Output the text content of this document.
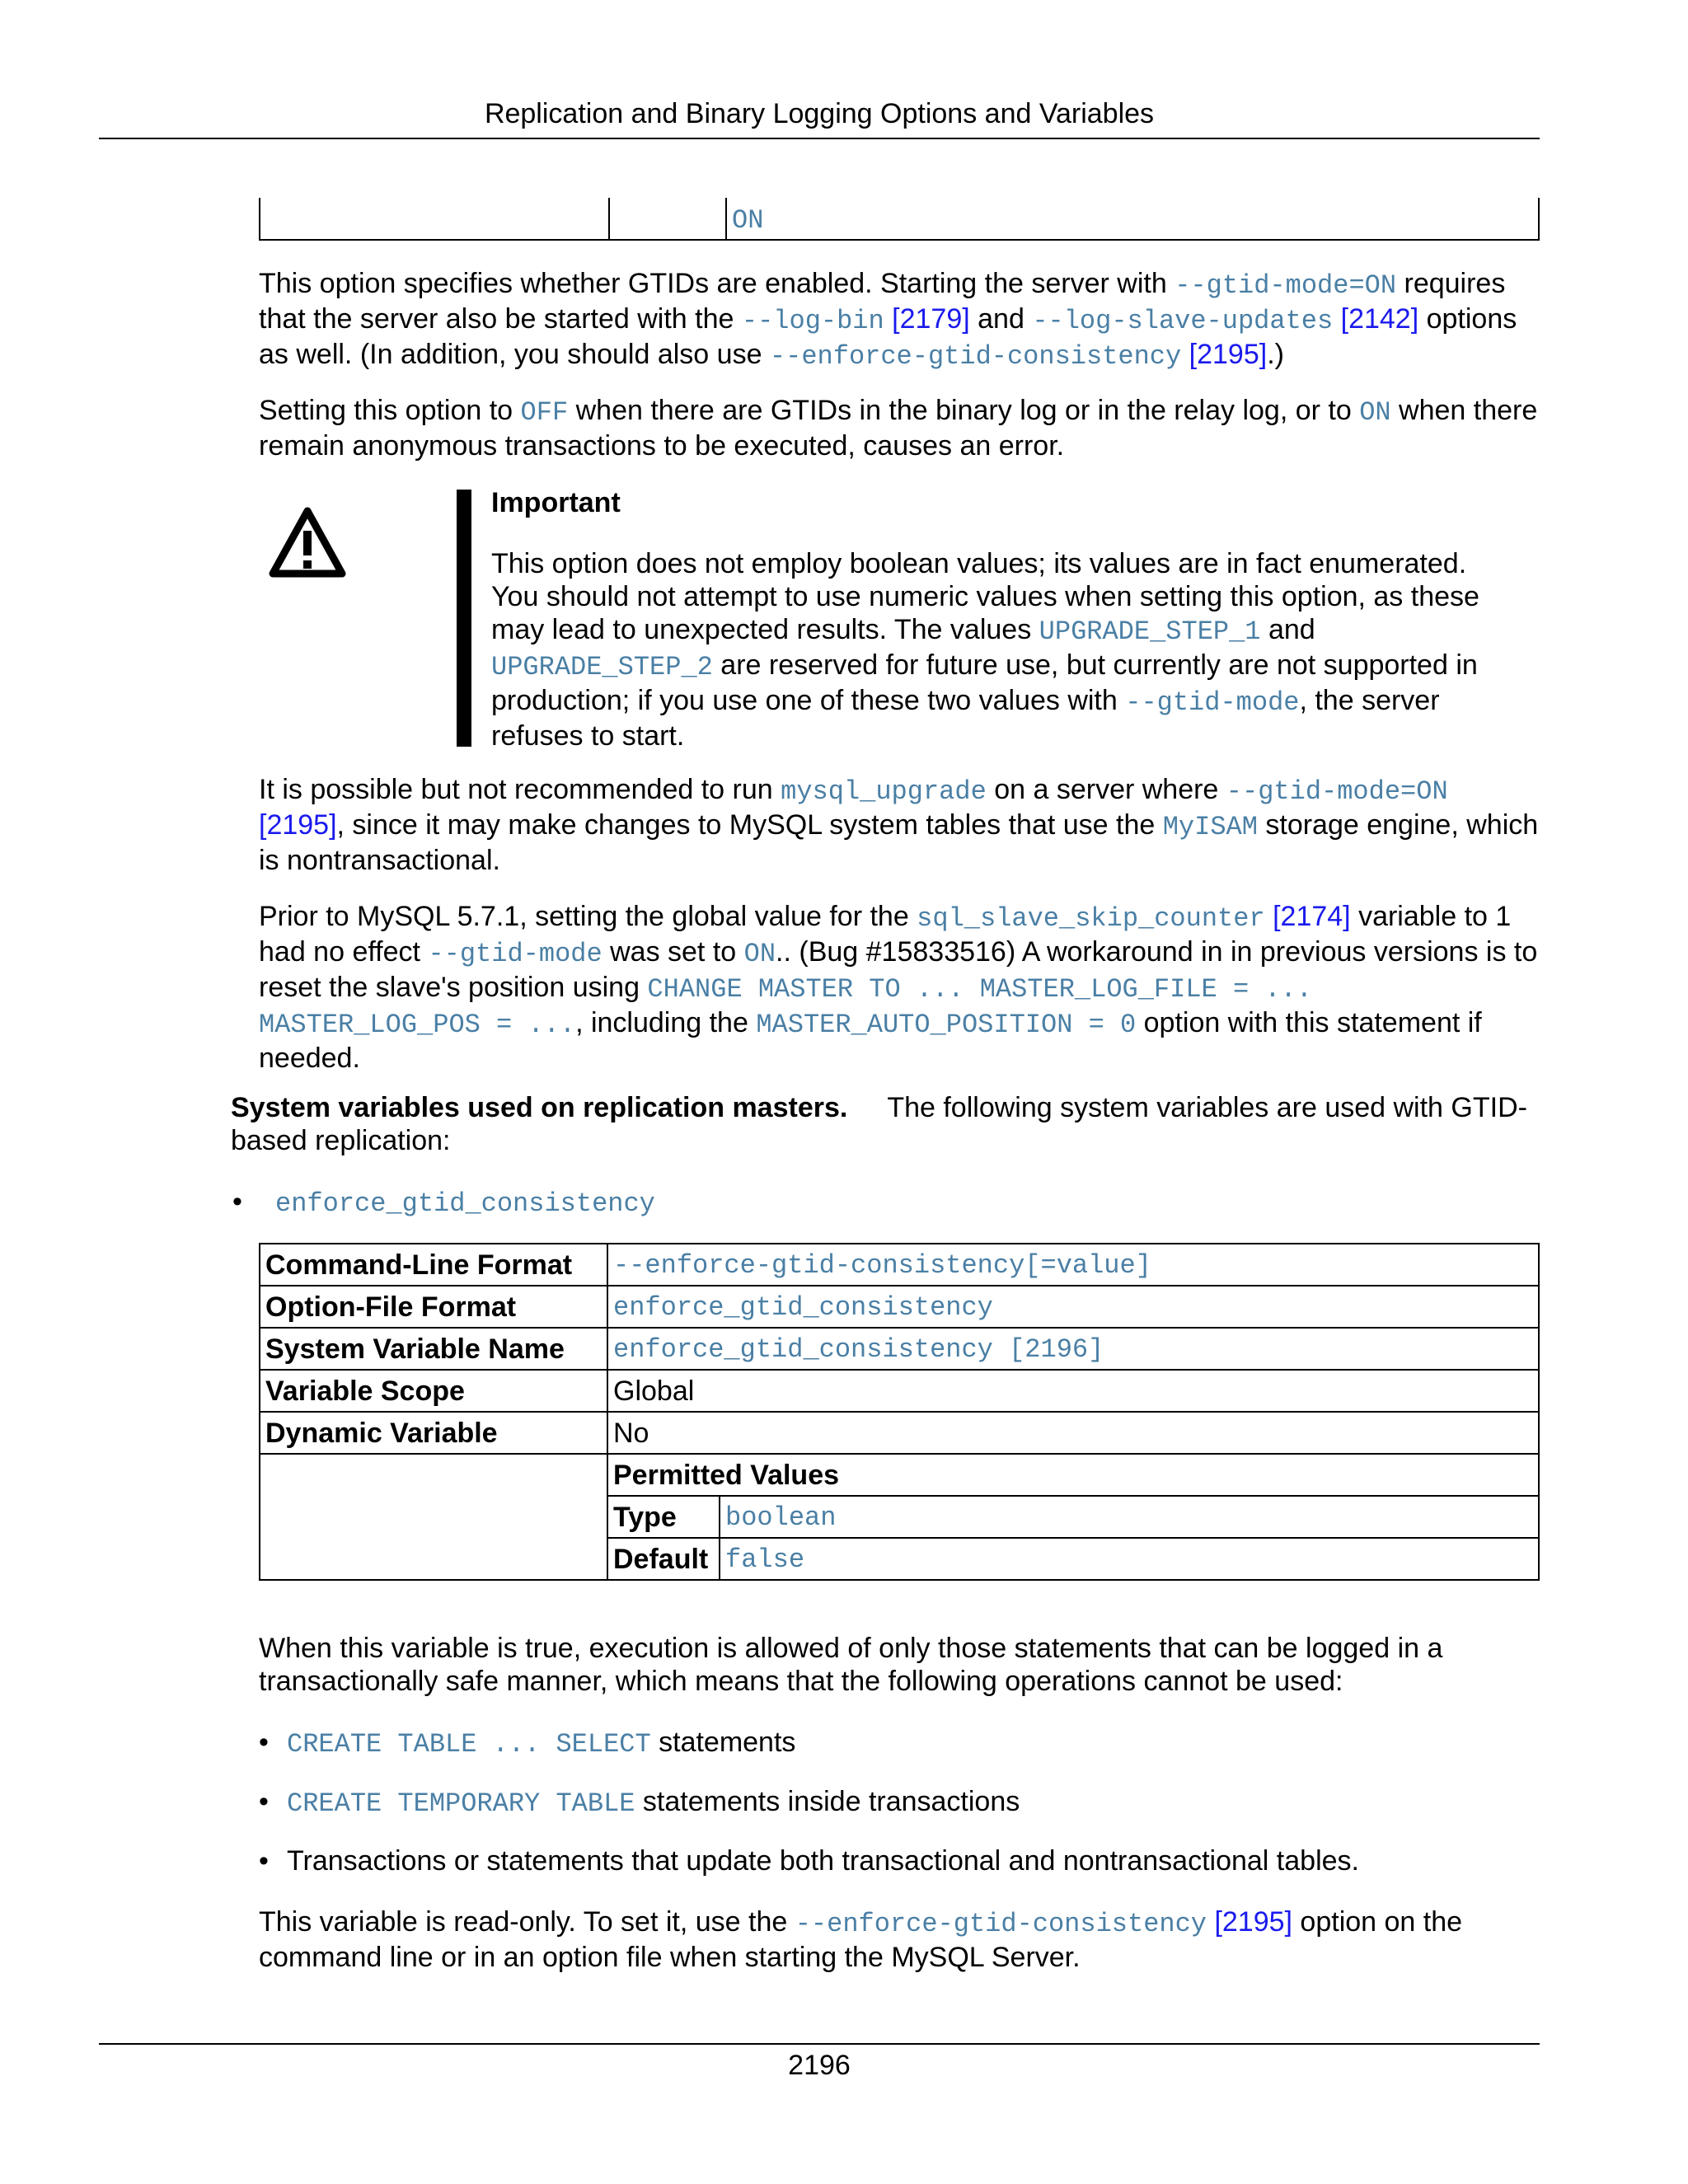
Replication and Binary Logging Options and Variables
ON
This option specifies whether GTIDs are enabled. Starting the server with --gtid-mode=ON requires that the server also be started with the --log-bin [2179] and --log-slave-updates [2142] options as well. (In addition, you should also use --enforce-gtid-consistency [2195].)
Setting this option to OFF when there are GTIDs in the binary log or in the relay log, or to ON when there remain anonymous transactions to be executed, causes an error.
Important
This option does not employ boolean values; its values are in fact enumerated. You should not attempt to use numeric values when setting this option, as these may lead to unexpected results. The values UPGRADE_STEP_1 and UPGRADE_STEP_2 are reserved for future use, but currently are not supported in production; if you use one of these two values with --gtid-mode, the server refuses to start.
It is possible but not recommended to run mysql_upgrade on a server where --gtid-mode=ON [2195], since it may make changes to MySQL system tables that use the MyISAM storage engine, which is nontransactional.
Prior to MySQL 5.7.1, setting the global value for the sql_slave_skip_counter [2174] variable to 1 had no effect --gtid-mode was set to ON.. (Bug #15833516) A workaround in in previous versions is to reset the slave's position using CHANGE MASTER TO ... MASTER_LOG_FILE = ... MASTER_LOG_POS = ..., including the MASTER_AUTO_POSITION = 0 option with this statement if needed.
System variables used on replication masters. The following system variables are used with GTID-based replication:
• enforce_gtid_consistency
Command-Line Format	--enforce-gtid-consistency[=value]	
Option-File Format	enforce_gtid_consistency	
System Variable Name	enforce_gtid_consistency [2196]	
Variable Scope	Global	
Dynamic Variable	No	
	Permitted Values	
	Type	boolean
	Default	false
When this variable is true, execution is allowed of only those statements that can be logged in a transactionally safe manner, which means that the following operations cannot be used:
• CREATE TABLE ... SELECT statements
• CREATE TEMPORARY TABLE statements inside transactions
• Transactions or statements that update both transactional and nontransactional tables.
This variable is read-only. To set it, use the --enforce-gtid-consistency [2195] option on the command line or in an option file when starting the MySQL Server.
2196
